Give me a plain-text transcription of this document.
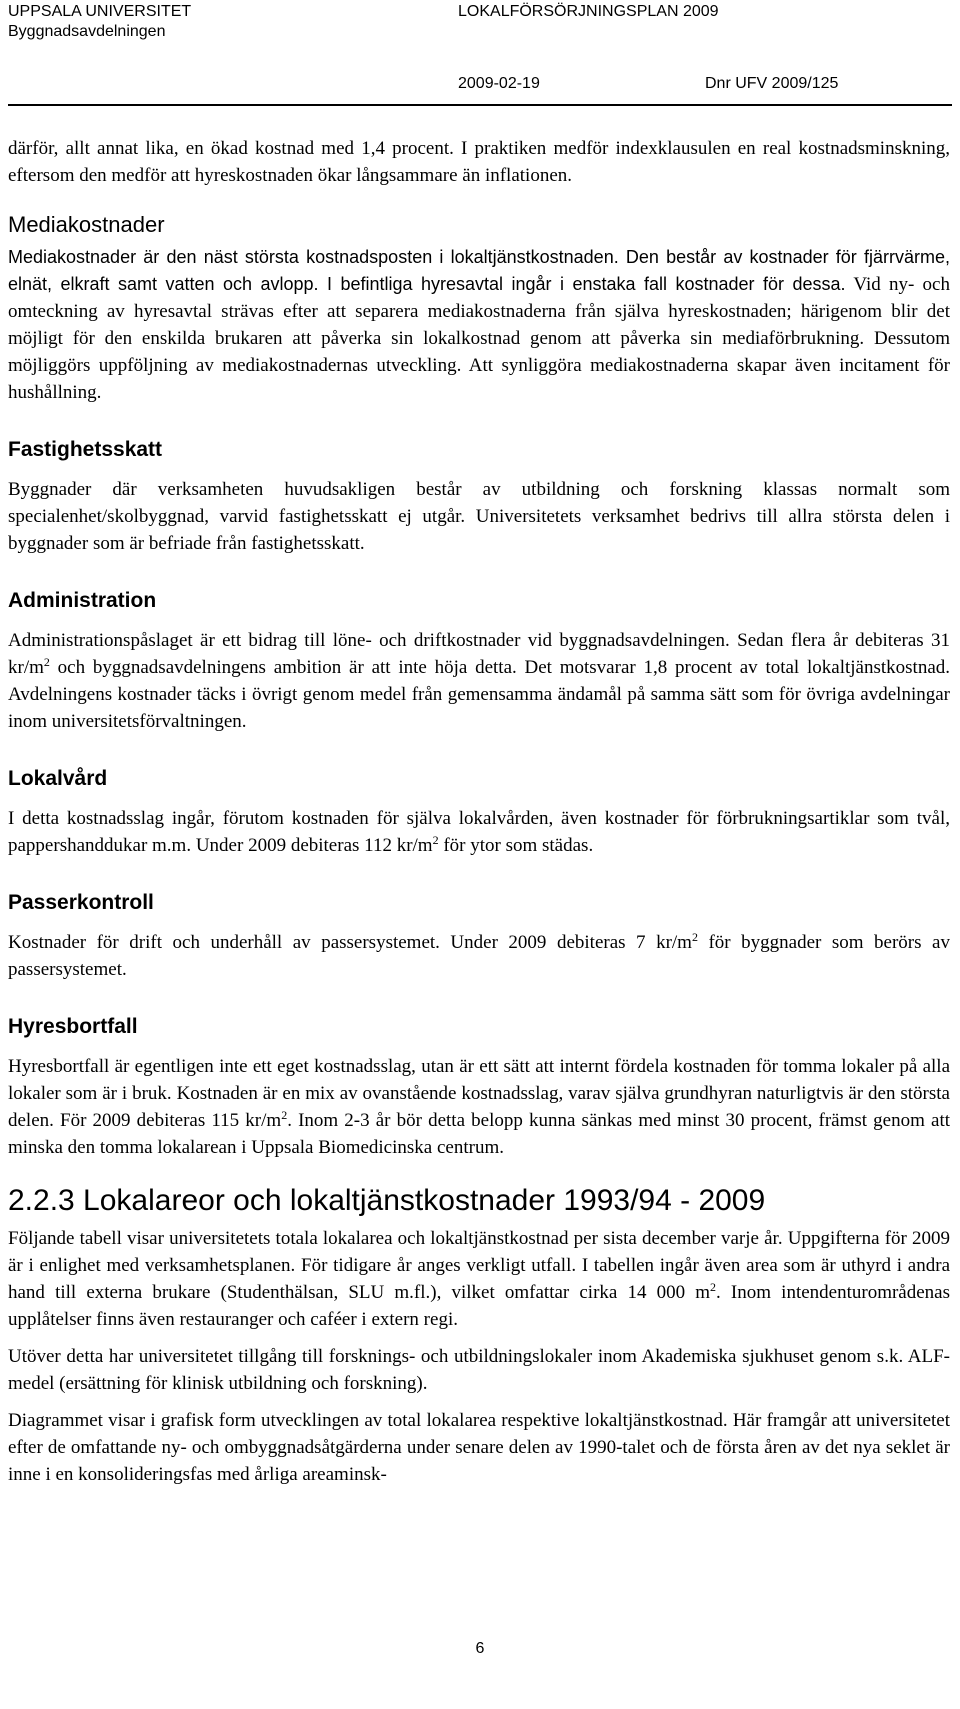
UPPSALA UNIVERSITET
Byggnadsavdelningen
LOKALFÖRSÖRJNINGSPLAN 2009
2009-02-19	Dnr UFV 2009/125

därför, allt annat lika, en ökad kostnad med 1,4 procent. I praktiken medför indexklausulen en real kostnadsminskning, eftersom den medför att hyreskostnaden ökar långsammare än inflationen.

Mediakostnader

Mediakostnader är den näst största kostnadsposten i lokaltjänstkostnaden. Den består av kostnader för fjärrvärme, elnät, elkraft samt vatten och avlopp. I befintliga hyresavtal ingår i enstaka fall kostnader för dessa. Vid ny- och omteckning av hyresavtal strävas efter att separera mediakostnaderna från själva hyreskostnaden; härigenom blir det möjligt för den enskilda brukaren att påverka sin lokalkostnad genom att påverka sin mediaförbrukning. Dessutom möjliggörs uppföljning av mediakostnadernas utveckling. Att synliggöra mediakostnaderna skapar även incitament för hushållning.

Fastighetsskatt

Byggnader där verksamheten huvudsakligen består av utbildning och forskning klassas normalt som specialenhet/skolbyggnad, varvid fastighetsskatt ej utgår. Universitetets verksamhet bedrivs till allra största delen i byggnader som är befriade från fastighetsskatt.

Administration

Administrationspåslaget är ett bidrag till löne- och driftkostnader vid byggnadsavdelningen. Sedan flera år debiteras 31 $kr/m^2$ och byggnadsavdelningens ambition är att inte höja detta. Det motsvarar 1,8 procent av total lokaltjänstkostnad. Avdelningens kostnader täcks i övrigt genom medel från gemensamma ändamål på samma sätt som för övriga avdelningar inom universitetsförvaltningen.

Lokalvård

I detta kostnadsslag ingår, förutom kostnaden för själva lokalvården, även kostnader för förbrukningsartiklar som tvål, pappershanddukar m.m. Under 2009 debiteras 112 $kr/m^2$ för ytor som städas.

Passerkontroll

Kostnader för drift och underhåll av passersystemet. Under 2009 debiteras 7 $kr/m^2$ för byggnader som berörs av passersystemet.

Hyresbortfall

Hyresbortfall är egentligen inte ett eget kostnadsslag, utan är ett sätt att internt fördela kostnaden för tomma lokaler på alla lokaler som är i bruk. Kostnaden är en mix av ovanstående kostnadsslag, varav själva grundhyran naturligtvis är den största delen. För 2009 debiteras 115 $kr/m^2$. Inom 2-3 år bör detta belopp kunna sänkas med minst 30 procent, främst genom att minska den tomma lokalarean i Uppsala Biomedicinska centrum.

2.2.3 Lokalareor och lokaltjänstkostnader 1993/94 - 2009

Följande tabell visar universitetets totala lokalarea och lokaltjänstkostnad per sista december varje år. Uppgifterna för 2009 är i enlighet med verksamhetsplanen. För tidigare år anges verkligt utfall. I tabellen ingår även area som är uthyrd i andra hand till externa brukare (Studenthälsan, SLU m.fl.), vilket omfattar cirka 14 000 $m^2$. Inom intendenturområdenas upplåtelser finns även restauranger och caféer i extern regi.

Utöver detta har universitetet tillgång till forsknings- och utbildningslokaler inom Akademiska sjukhuset genom s.k. ALF-medel (ersättning för klinisk utbildning och forskning).

Diagrammet visar i grafisk form utvecklingen av total lokalarea respektive lokaltjänstkostnad. Här framgår att universitetet efter de omfattande ny- och ombyggnadsåtgärderna under senare delen av 1990-talet och de första åren av det nya seklet är inne i en konsolideringsfas med årliga areaminsk-

6
